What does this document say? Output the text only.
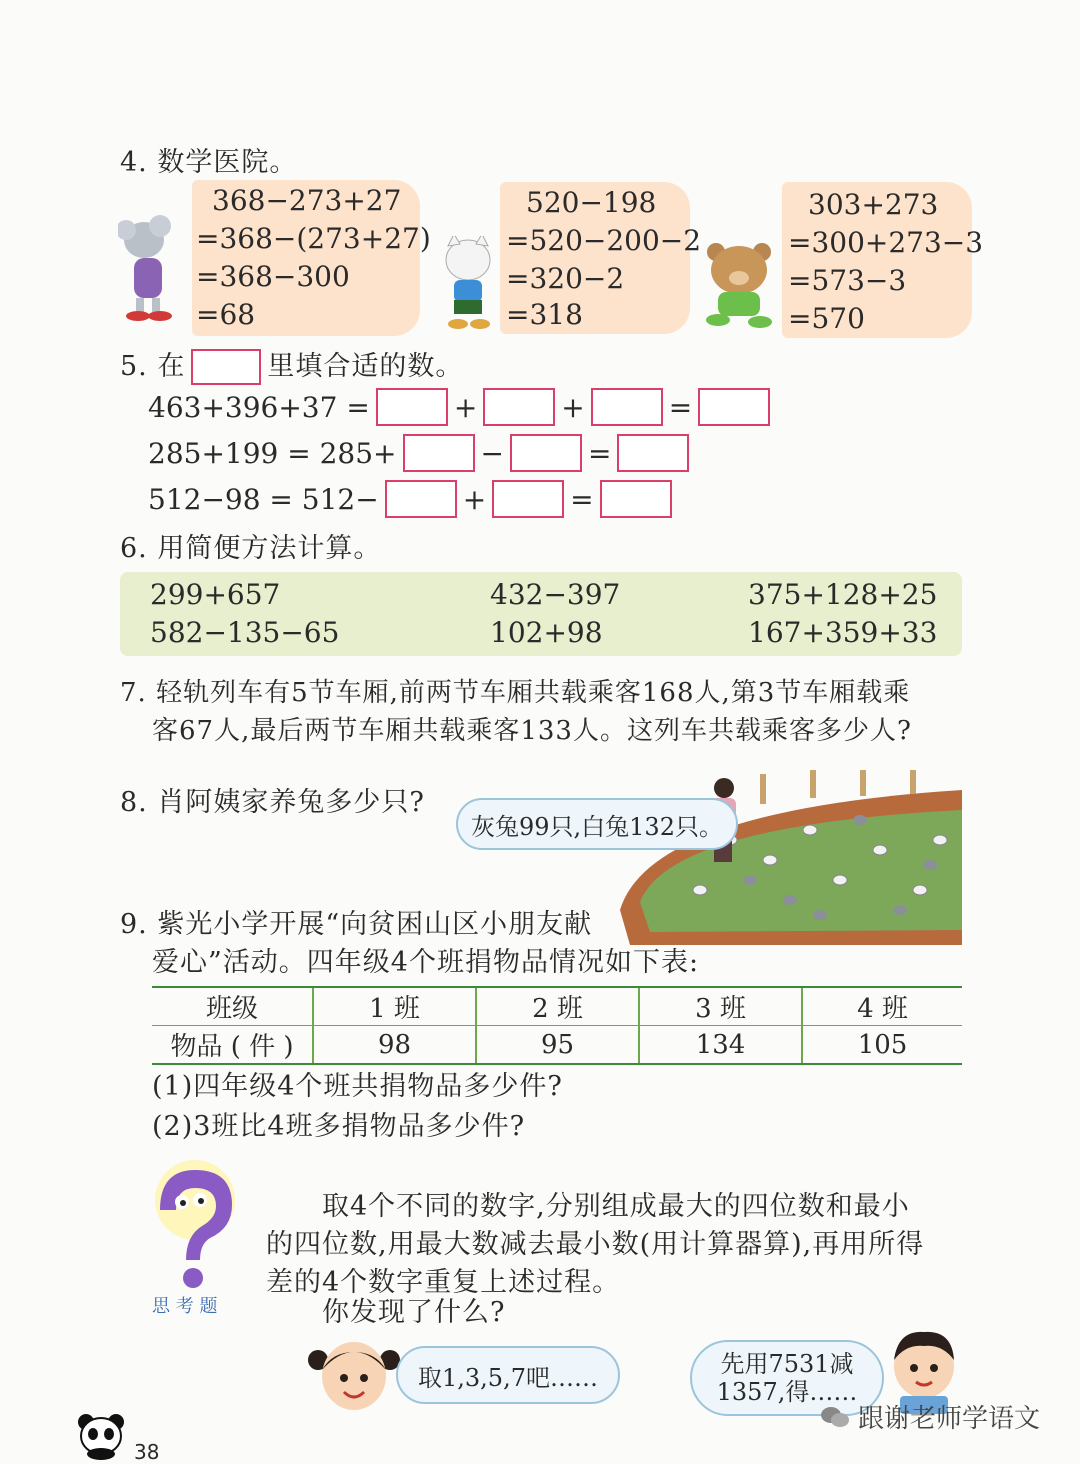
4. 数学医院。
368−273+27
=368−(273+27)
=368−300
=68
520−198
=520−200−2
=320−2
=318
303+273
=300+273−3
=573−3
=570
5. 在	里填合适的数。
463+396+37 =	+	+	=
285+199 = 285+	−	=
512−98 = 512−	+	=
6. 用简便方法计算。
299+657	432−397	375+128+25
582−135−65	102+98	167+359+33
7. 轻轨列车有5节车厢,前两节车厢共载乘客168人,第3节车厢载乘
客67人,最后两节车厢共载乘客133人。这列车共载乘客多少人?
8. 肖阿姨家养兔多少只?
灰兔99只,白兔132只。
9. 紫光小学开展“向贫困山区小朋友献
爱心”活动。四年级4个班捐物品情况如下表:
班级	1 班	2 班	3 班	4 班
物品 ( 件 )	98	95	134	105
(1)四年级4个班共捐物品多少件?
(2)3班比4班多捐物品多少件?
思 考 题
取4个不同的数字,分别组成最大的四位数和最小
的四位数,用最大数减去最小数(用计算器算),再用所得
差的4个数字重复上述过程。
你发现了什么?
取1,3,5,7吧……	先用7531减
1357,得……
38
跟谢老师学语文
